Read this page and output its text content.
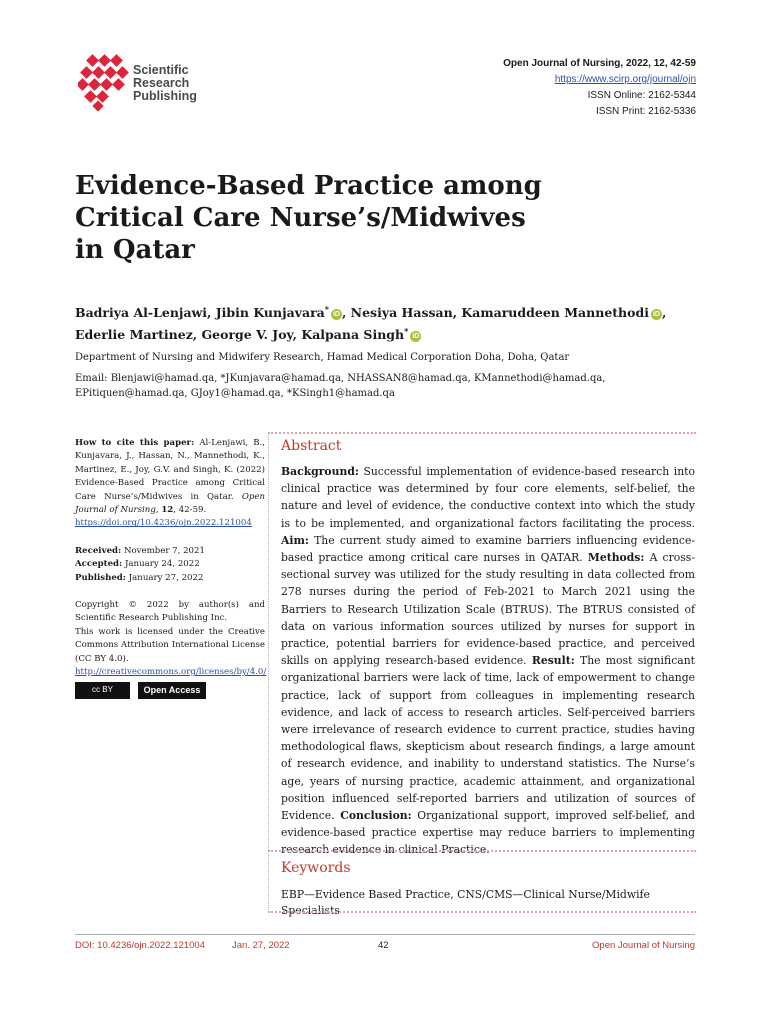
Scientific
Research
Publishing
Open Journal of Nursing, 2022, 12, 42-59
https://www.scirp.org/journal/ojn
ISSN Online: 2162-5344
ISSN Print: 2162-5336
Evidence-Based Practice among
Critical Care Nurse’s/Midwives
in Qatar
Badriya Al-Lenjawi, Jibin Kunjavara*iD , Nesiya Hassan, Kamaruddeen Mannethodi iD ,
Ederlie Martinez, George V. Joy, Kalpana Singh*iD
Department of Nursing and Midwifery Research, Hamad Medical Corporation Doha, Doha, Qatar
Email: Blenjawi@hamad.qa, *JKunjavara@hamad.qa, NHASSAN8@hamad.qa, KMannethodi@hamad.qa,
EPitiquen@hamad.qa, GJoy1@hamad.qa, *KSingh1@hamad.qa

How to cite this paper: Al-Lenjawi, B., Kunjavara, J., Hassan, N., Mannethodi, K., Martinez, E., Joy, G.V. and Singh, K. (2022) Evidence-Based Practice among Critical Care Nurse’s/Midwives in Qatar. Open Journal of Nursing, 12, 42-59.
https://doi.org/10.4236/ojn.2022.121004

Received: November 7, 2021
Accepted: January 24, 2022
Published: January 27, 2022

Copyright © 2022 by author(s) and Scientific Research Publishing Inc.
This work is licensed under the Creative Commons Attribution International License (CC BY 4.0).
http://creativecommons.org/licenses/by/4.0/

cc BY	Open Access
Abstract
Background: Successful implementation of evidence-based research into clinical practice was determined by four core elements, self-belief, the nature and level of evidence, the conductive context into which the study is to be implemented, and organizational factors facilitating the process. Aim: The current study aimed to examine barriers influencing evidence-based practice among critical care nurses in QATAR. Methods: A cross-sectional survey was utilized for the study resulting in data collected from 278 nurses during the period of Feb-2021 to March 2021 using the Barriers to Research Utilization Scale (BTRUS). The BTRUS consisted of data on various information sources utilized by nurses for support in practice, potential barriers for evidence-based practice, and perceived skills on applying research-based evidence. Result: The most significant organizational barriers were lack of time, lack of empowerment to change practice, lack of support from colleagues in implementing research evidence, and lack of access to research articles. Self-perceived barriers were irrelevance of research evidence to current practice, studies having methodological flaws, skepticism about research findings, a large amount of research evidence, and inability to understand statistics. The Nurse’s age, years of nursing practice, academic attainment, and organizational position influenced self-reported barriers and utilization of sources of Evidence. Conclusion: Organizational support, improved self-belief, and evidence-based practice expertise may reduce barriers to implementing research evidence in clinical Practice.
Keywords
EBP—Evidence Based Practice, CNS/CMS—Clinical Nurse/Midwife Specialists
DOI: 10.4236/ojn.2022.121004	Jan. 27, 2022	42	Open Journal of Nursing
